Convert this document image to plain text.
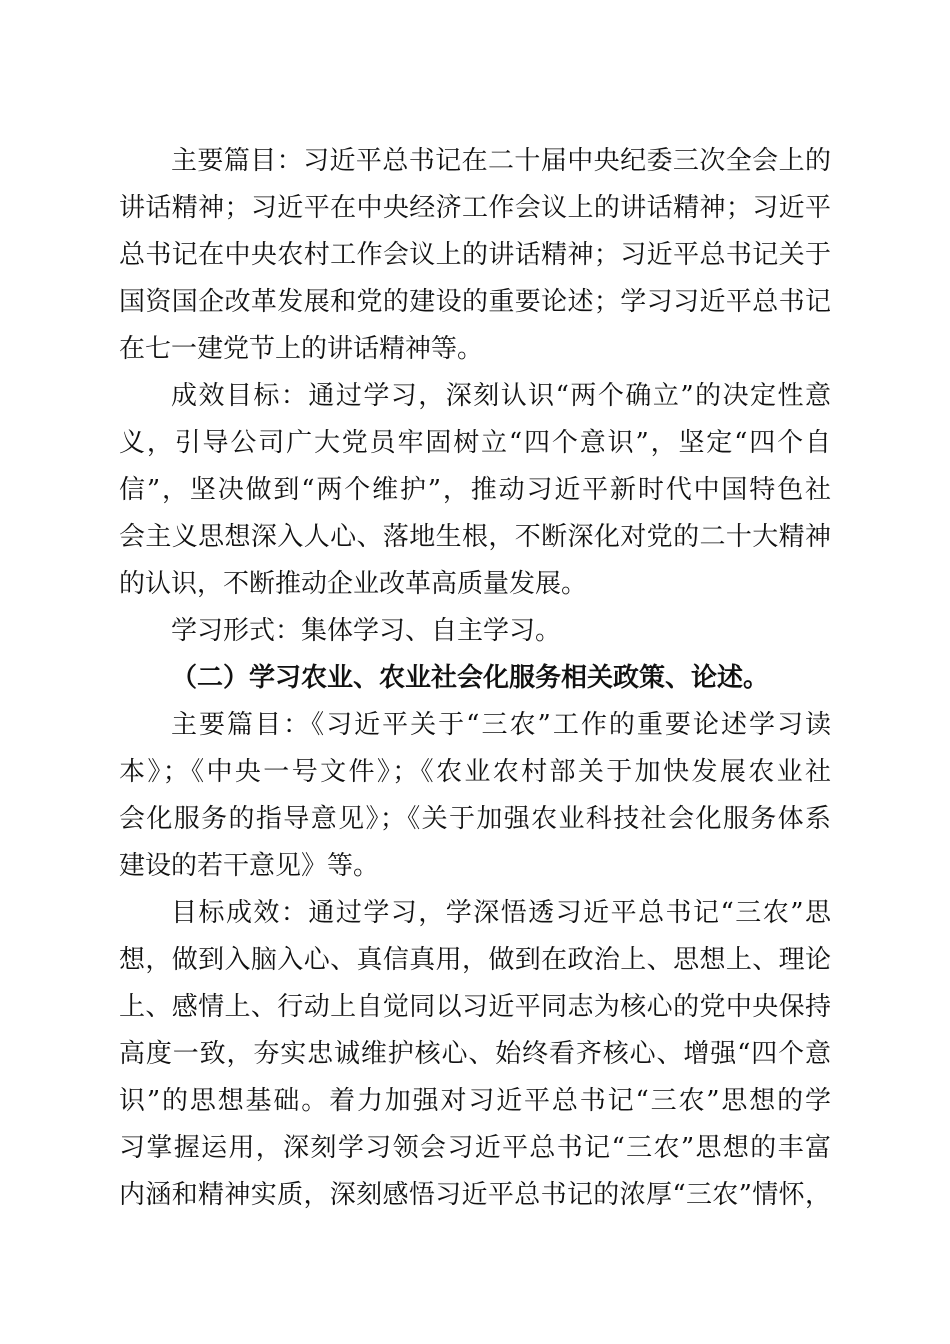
主要篇目：习近平总书记在二十届中央纪委三次全会上的
讲话精神；习近平在中央经济工作会议上的讲话精神；习近平
总书记在中央农村工作会议上的讲话精神；习近平总书记关于
国资国企改革发展和党的建设的重要论述；学习习近平总书记
在七一建党节上的讲话精神等。
成效目标：通过学习，深刻认识“两个确立”的决定性意
义，引导公司广大党员牢固树立“四个意识”，坚定“四个自
信”，坚决做到“两个维护”，推动习近平新时代中国特色社
会主义思想深入人心、落地生根，不断深化对党的二十大精神
的认识，不断推动企业改革高质量发展。
学习形式：集体学习、自主学习。
（二）学习农业、农业社会化服务相关政策、论述。
主要篇目：《习近平关于“三农”工作的重要论述学习读
本》；《中央一号文件》；《农业农村部关于加快发展农业社
会化服务的指导意见》；《关于加强农业科技社会化服务体系
建设的若干意见》等。
目标成效：通过学习，学深悟透习近平总书记“三农”思
想，做到入脑入心、真信真用，做到在政治上、思想上、理论
上、感情上、行动上自觉同以习近平同志为核心的党中央保持
高度一致，夯实忠诚维护核心、始终看齐核心、增强“四个意
识”的思想基础。着力加强对习近平总书记“三农”思想的学
习掌握运用，深刻学习领会习近平总书记“三农”思想的丰富
内涵和精神实质，深刻感悟习近平总书记的浓厚“三农”情怀，
